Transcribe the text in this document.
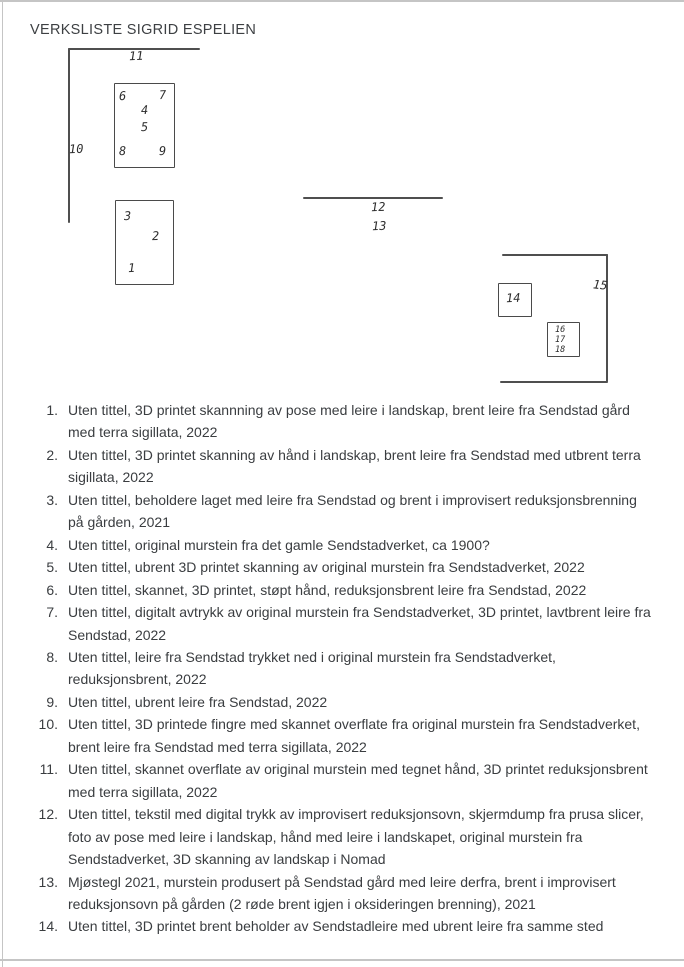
VERKSLISTE SIGRID ESPELIEN
11
10
6	7
4
5
8	9
3
2
1
12
13
15
14
16
17
18
1. Uten tittel, 3D printet skannning av pose med leire i landskap, brent leire fra Sendstad gård med terra sigillata, 2022
2. Uten tittel, 3D printet skanning av hånd i landskap, brent leire fra Sendstad med utbrent terra sigillata, 2022
3. Uten tittel, beholdere laget med leire fra Sendstad og brent i improvisert reduksjonsbrenning på gården, 2021
4. Uten tittel, original murstein fra det gamle Sendstadverket, ca 1900?
5. Uten tittel, ubrent 3D printet skanning av original murstein fra Sendstadverket, 2022
6. Uten tittel, skannet, 3D printet, støpt hånd, reduksjonsbrent leire fra Sendstad, 2022
7. Uten tittel, digitalt avtrykk av original murstein fra Sendstadverket, 3D printet, lavtbrent leire fra Sendstad, 2022
8. Uten tittel, leire fra Sendstad trykket ned i original murstein fra Sendstadverket, reduksjonsbrent, 2022
9. Uten tittel, ubrent leire fra Sendstad, 2022
10. Uten tittel, 3D printede fingre med skannet overflate fra original murstein fra Sendstadverket, brent leire fra Sendstad med terra sigillata, 2022
11. Uten tittel, skannet overflate av original murstein med tegnet hånd, 3D printet reduksjonsbrent med terra sigillata, 2022
12. Uten tittel, tekstil med digital trykk av improvisert reduksjonsovn, skjermdump fra prusa slicer, foto av pose med leire i landskap, hånd med leire i landskapet, original murstein fra Sendstadverket, 3D skanning av landskap i Nomad
13. Mjøstegl 2021, murstein produsert på Sendstad gård med leire derfra, brent i improvisert reduksjonsovn på gården (2 røde brent igjen i oksideringen brenning), 2021
14. Uten tittel, 3D printet brent beholder av Sendstadleire med ubrent leire fra samme sted
